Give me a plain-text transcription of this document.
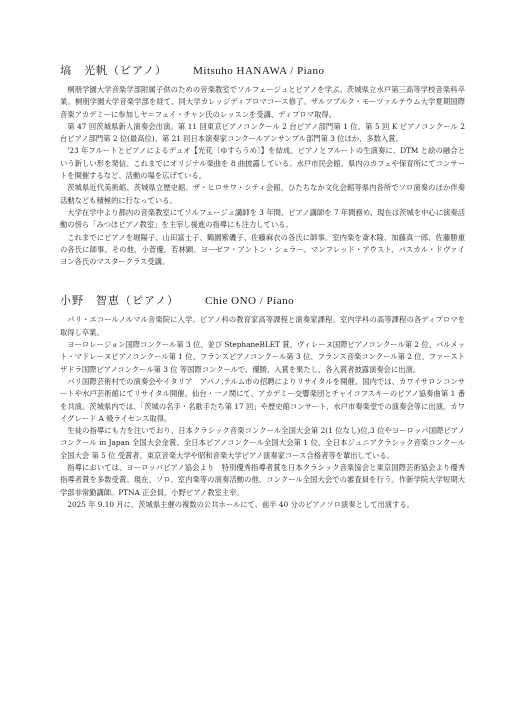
塙　光帆（ピアノ） Mitsuho HANAWA / Piano

桐朋学園大学音楽学部附属子供のための音楽教室でソルフェージュとピアノを学ぶ。茨城県立水戸第三高等学校音楽科卒業。桐朋学園大学音楽学部を経て、同大学カレッジディプロマコース修了。ザルツブルク・モーツァルテウム大学夏期国際音楽アカデミーに参加しヤ＝フェイ・チャン氏のレッスンを受講、ディプロマ取得。

第 47 回茨城県新人演奏会出演。第 11 回東京ピアノコンクール 2 台ピアノ部門第 1 位、第 5 回 K ピアノコンクール 2 台ピアノ部門第 2 位(最高位)、第 21 回日本演奏家コンクールアンサンブル部門第 3 位ほか、多数入賞。

'23 年フルートとピアノによるデュオ【光花〔ゆすらうめ〕】を結成。ピアノとフルートの生演奏に、DTM と絵の融合という新しい形を発信、これまでにオリジナル楽曲を 8 曲披露している。水戸市民会館、県内のカフェや保育所にてコンサートを開催するなど、活動の場を広げている。

茨城県近代美術館、茨城県立歴史館、ザ・ヒロサワ・シティ会館、ひたちなか文化会館等県内各所でソロ演奏のほか伴奏活動なども積極的に行なっている。

大学在学中より都内の音楽教室にてソルフェージュ講師を 3 年間、ピアノ講師を 7 年間務め、現在は茨城を中心に演奏活動の傍ら「みつほピアノ教室」を主宰し後進の指導にも注力している。

これまでにピアノを堀陽子、山田富士子、鶴園紫磯子、佐藤麻衣の各氏に師事。室内楽を斎木隆、加藤真一郎、佐藤勝重の各氏に師事。その他、小菅優、若林顕、ヨーゼフ・アントン・シェラー、マンフレッド・アウスト、パスカル・ドヴァイヨン各氏のマスタークラス受講。

小野　智恵（ピアノ） Chie ONO / Piano

パリ・エコールノルマル音楽院に入学。ピアノ科の教育家高等課程と演奏家課程、室内学科の高等課程の各ディプロマを取得し卒業。

ヨーロレージョン国際コンクール第 3 位、並び StephaneBLET 賞、ヴィレーヌ国際ピアノコンクール第 2 位、バルメット・マドレーヌピアノコンクール第 1 位、フランスピアノコンクール第 3 位、フランス音楽コンクール第 2 位、ファーストザドラ国際ピアノコンクール第 3 位 等国際コンクールで、優勝、入賞を果たし、各入賞者披露演奏会に出演。

パリ国際芸術村での演奏会やイタリア　アパノ,テルム市の招聘によりリサイタルを開催。国内では、カワイサロンコンサートや水戸芸術館にてリサイタル開催。仙台・一ノ関にて、アカデミー交響楽団とチャイコフスキーのピアノ協奏曲第 1 番を共演。茨城県内では、「茨城の名手・名歌手たち第 17 回」や歴史館コンサート、水戸市奏楽堂での演奏会等に出演。カワイグレード A 級ライセンス取得。

生徒の指導にも力を注いでおり、日本クラシック音楽コンクール全国大会第 2(1 位なし)位,3 位やヨーロッパ国際ピアノコンクール in Japan 全国大会金賞、全日本ピアノコンクール全国大会第 1 位、全日本ジュニアクラシック音楽コンクール全国大会 第 5 位 受賞者、東京音楽大学や昭和音楽大学ピアノ演奏家コース合格者等を輩出している。

指導においては、ヨーロッパピアノ協会より　特別優秀指導者賞を日本クラシック音楽協会と東京国際芸術協会より優秀指導者賞を多数受賞。現在、ソロ、室内楽等の演奏活動の他、コンクール全国大会での審査員を行う。作新学院大学短期大学部非常勤講師。PTNA 正会員。小野ピアノ教室主宰。

2025 年 9.10 月に、茨城県主催の複数の公共ホールにて、前半 40 分のピアノソロ演奏として出演する。
